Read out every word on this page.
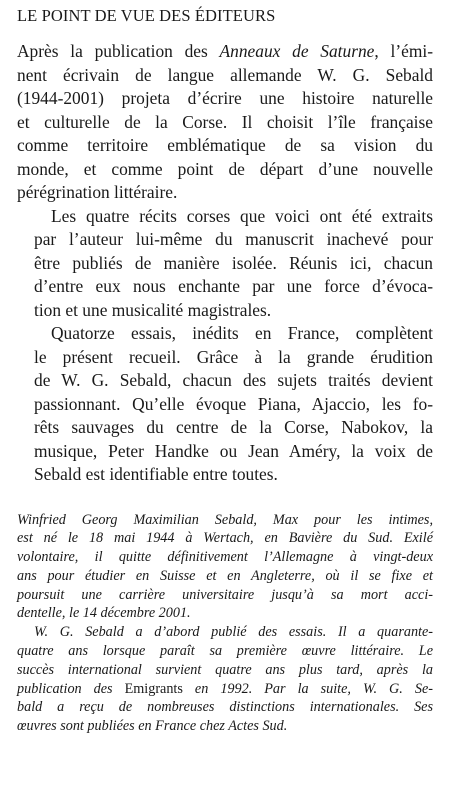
LE POINT DE VUE DES ÉDITEURS
Après la publication des Anneaux de Saturne, l’émi-
nent écrivain de langue allemande W. G. Sebald
(1944-2001) projeta d’écrire une histoire naturelle
et culturelle de la Corse. Il choisit l’île française
comme territoire emblématique de sa vision du
monde, et comme point de départ d’une nouvelle
pérégrination littéraire.
Les quatre récits corses que voici ont été extraits
par l’auteur lui-même du manuscrit inachevé pour
être publiés de manière isolée. Réunis ici, chacun
d’entre eux nous enchante par une force d’évoca-
tion et une musicalité magistrales.
Quatorze essais, inédits en France, complètent
le présent recueil. Grâce à la grande érudition
de W. G. Sebald, chacun des sujets traités devient
passionnant. Qu’elle évoque Piana, Ajaccio, les fo-
rêts sauvages du centre de la Corse, Nabokov, la
musique, Peter Handke ou Jean Améry, la voix de
Sebald est identifiable entre toutes.
Winfried Georg Maximilian Sebald, Max pour les intimes,
est né le 18 mai 1944 à Wertach, en Bavière du Sud. Exilé
volontaire, il quitte définitivement l’Allemagne à vingt-deux
ans pour étudier en Suisse et en Angleterre, où il se fixe et
poursuit une carrière universitaire jusqu’à sa mort acci-
dentelle, le 14 décembre 2001.
W. G. Sebald a d’abord publié des essais. Il a quarante-
quatre ans lorsque paraît sa première œuvre littéraire. Le
succès international survient quatre ans plus tard, après la
publication des Emigrants en 1992. Par la suite, W. G. Se-
bald a reçu de nombreuses distinctions internationales. Ses
œuvres sont publiées en France chez Actes Sud.
